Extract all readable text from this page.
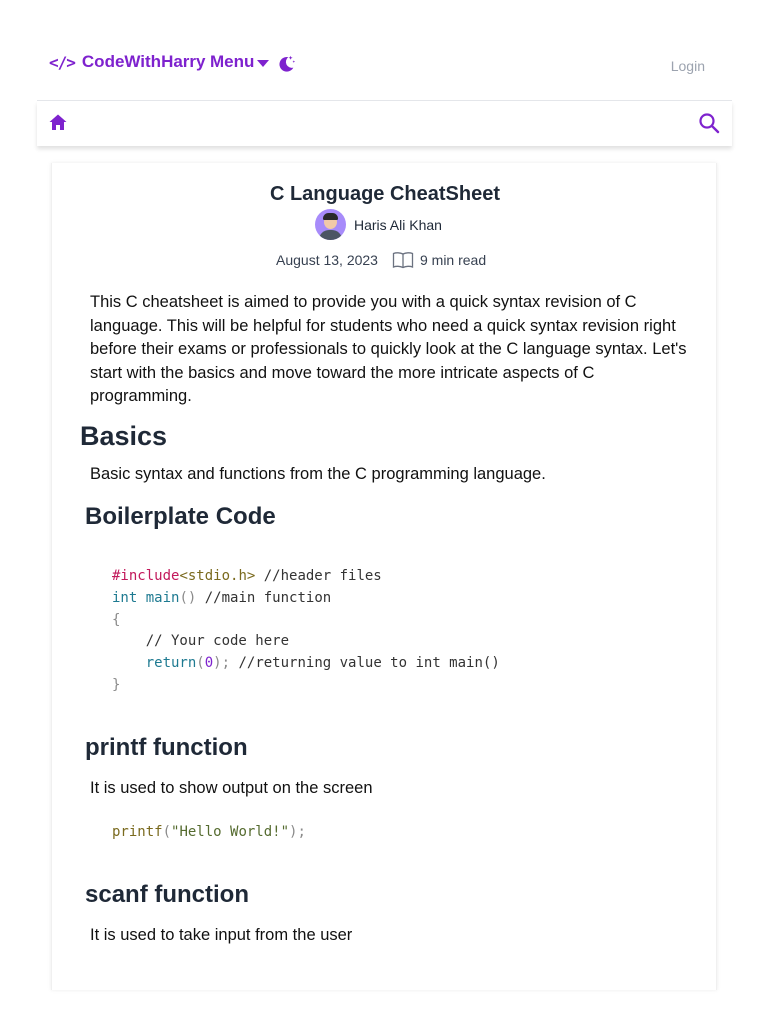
</> CodeWithHarry Menu	Login
C Language CheatSheet
Haris Ali Khan
August 13, 2023	9 min read

This C cheatsheet is aimed to provide you with a quick syntax revision of C language. This will be helpful for students who need a quick syntax revision right before their exams or professionals to quickly look at the C language syntax. Let's start with the basics and move toward the more intricate aspects of C programming.

Basics

Basic syntax and functions from the C programming language.

Boilerplate Code
#include<stdio.h> //header files
int main() //main function
{
// Your code here
return(0); //returning value to int main()
}
printf function

It is used to show output on the screen

printf("Hello World!");
scanf function

It is used to take input from the user
